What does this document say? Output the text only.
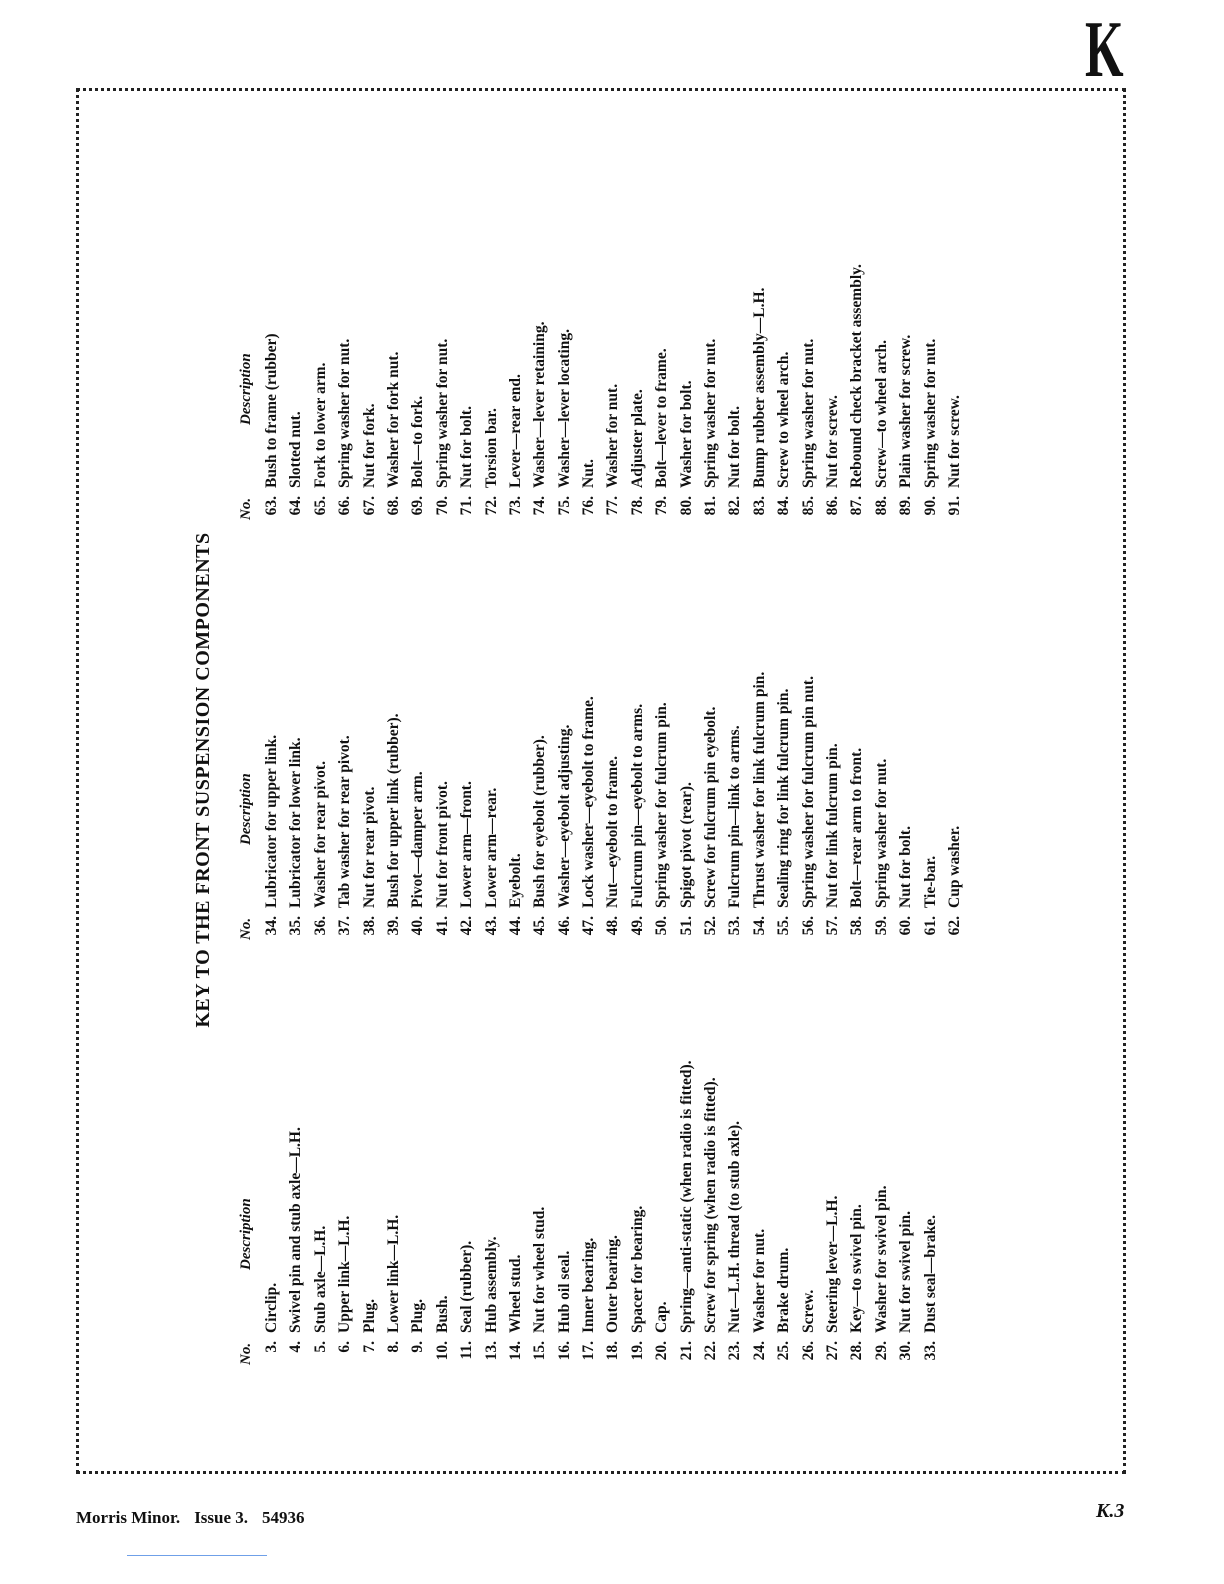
K
KEY TO THE FRONT SUSPENSION COMPONENTS
No.
Description
3.Circlip.
4.Swivel pin and stub axle—L.H.
5.Stub axle—L.H.
6.Upper link—L.H.
7.Plug.
8.Lower link—L.H.
9.Plug.
10.Bush.
11.Seal (rubber).
13.Hub assembly.
14.Wheel stud.
15.Nut for wheel stud.
16.Hub oil seal.
17.Inner bearing.
18.Outer bearing.
19.Spacer for bearing.
20.Cap.
21.Spring—anti-static (when radio is fitted).
22.Screw for spring (when radio is fitted).
23.Nut—L.H. thread (to stub axle).
24.Washer for nut.
25.Brake drum.
26.Screw.
27.Steering lever—L.H.
28.Key—to swivel pin.
29.Washer for swivel pin.
30.Nut for swivel pin.
33.Dust seal—brake.
No.
Description
34.Lubricator for upper link.
35.Lubricator for lower link.
36.Washer for rear pivot.
37.Tab washer for rear pivot.
38.Nut for rear pivot.
39.Bush for upper link (rubber).
40.Pivot—damper arm.
41.Nut for front pivot.
42.Lower arm—front.
43.Lower arm—rear.
44.Eyebolt.
45.Bush for eyebolt (rubber).
46.Washer—eyebolt adjusting.
47.Lock washer—eyebolt to frame.
48.Nut—eyebolt to frame.
49.Fulcrum pin—eyebolt to arms.
50.Spring washer for fulcrum pin.
51.Spigot pivot (rear).
52.Screw for fulcrum pin eyebolt.
53.Fulcrum pin—link to arms.
54.Thrust washer for link fulcrum pin.
55.Sealing ring for link fulcrum pin.
56.Spring washer for fulcrum pin nut.
57.Nut for link fulcrum pin.
58.Bolt—rear arm to front.
59.Spring washer for nut.
60.Nut for bolt.
61.Tie-bar.
62.Cup washer.
No.
Description
63.Bush to frame (rubber)
64.Slotted nut.
65.Fork to lower arm.
66.Spring washer for nut.
67.Nut for fork.
68.Washer for fork nut.
69.Bolt—to fork.
70.Spring washer for nut.
71.Nut for bolt.
72.Torsion bar.
73.Lever—rear end.
74.Washer—lever retaining.
75.Washer—lever locating.
76.Nut.
77.Washer for nut.
78.Adjuster plate.
79.Bolt—lever to frame.
80.Washer for bolt.
81.Spring washer for nut.
82.Nut for bolt.
83.Bump rubber assembly—L.H.
84.Screw to wheel arch.
85.Spring washer for nut.
86.Nut for screw.
87.Rebound check bracket assembly.
88.Screw—to wheel arch.
89.Plain washer for screw.
90.Spring washer for nut.
91.Nut for screw.
Morris Minor. Issue 3. 54936	K.3
